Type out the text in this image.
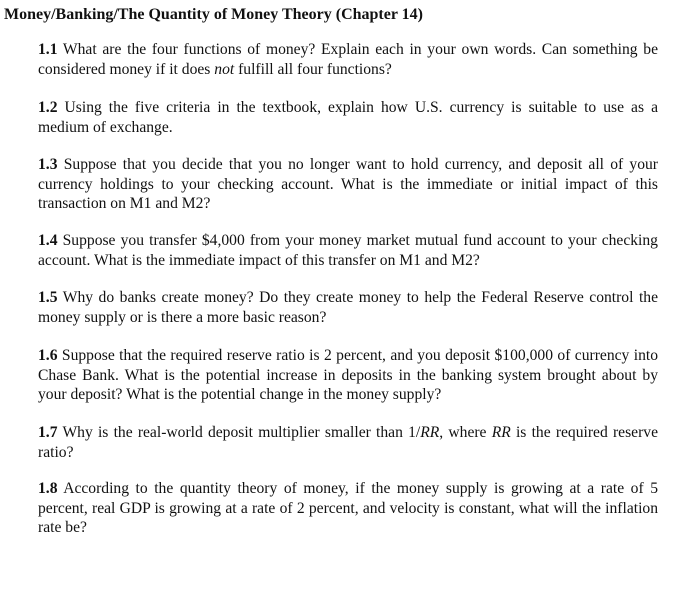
Money/Banking/The Quantity of Money Theory (Chapter 14)
1.1 What are the four functions of money? Explain each in your own words. Can something be considered money if it does not fulfill all four functions?
1.2 Using the five criteria in the textbook, explain how U.S. currency is suitable to use as a medium of exchange.
1.3 Suppose that you decide that you no longer want to hold currency, and deposit all of your currency holdings to your checking account. What is the immediate or initial impact of this transaction on M1 and M2?
1.4 Suppose you transfer $4,000 from your money market mutual fund account to your checking account. What is the immediate impact of this transfer on M1 and M2?
1.5 Why do banks create money? Do they create money to help the Federal Reserve control the money supply or is there a more basic reason?
1.6 Suppose that the required reserve ratio is 2 percent, and you deposit $100,000 of currency into Chase Bank. What is the potential increase in deposits in the banking system brought about by your deposit? What is the potential change in the money supply?
1.7 Why is the real-world deposit multiplier smaller than 1/RR, where RR is the required reserve ratio?
1.8 According to the quantity theory of money, if the money supply is growing at a rate of 5 percent, real GDP is growing at a rate of 2 percent, and velocity is constant, what will the inflation rate be?
